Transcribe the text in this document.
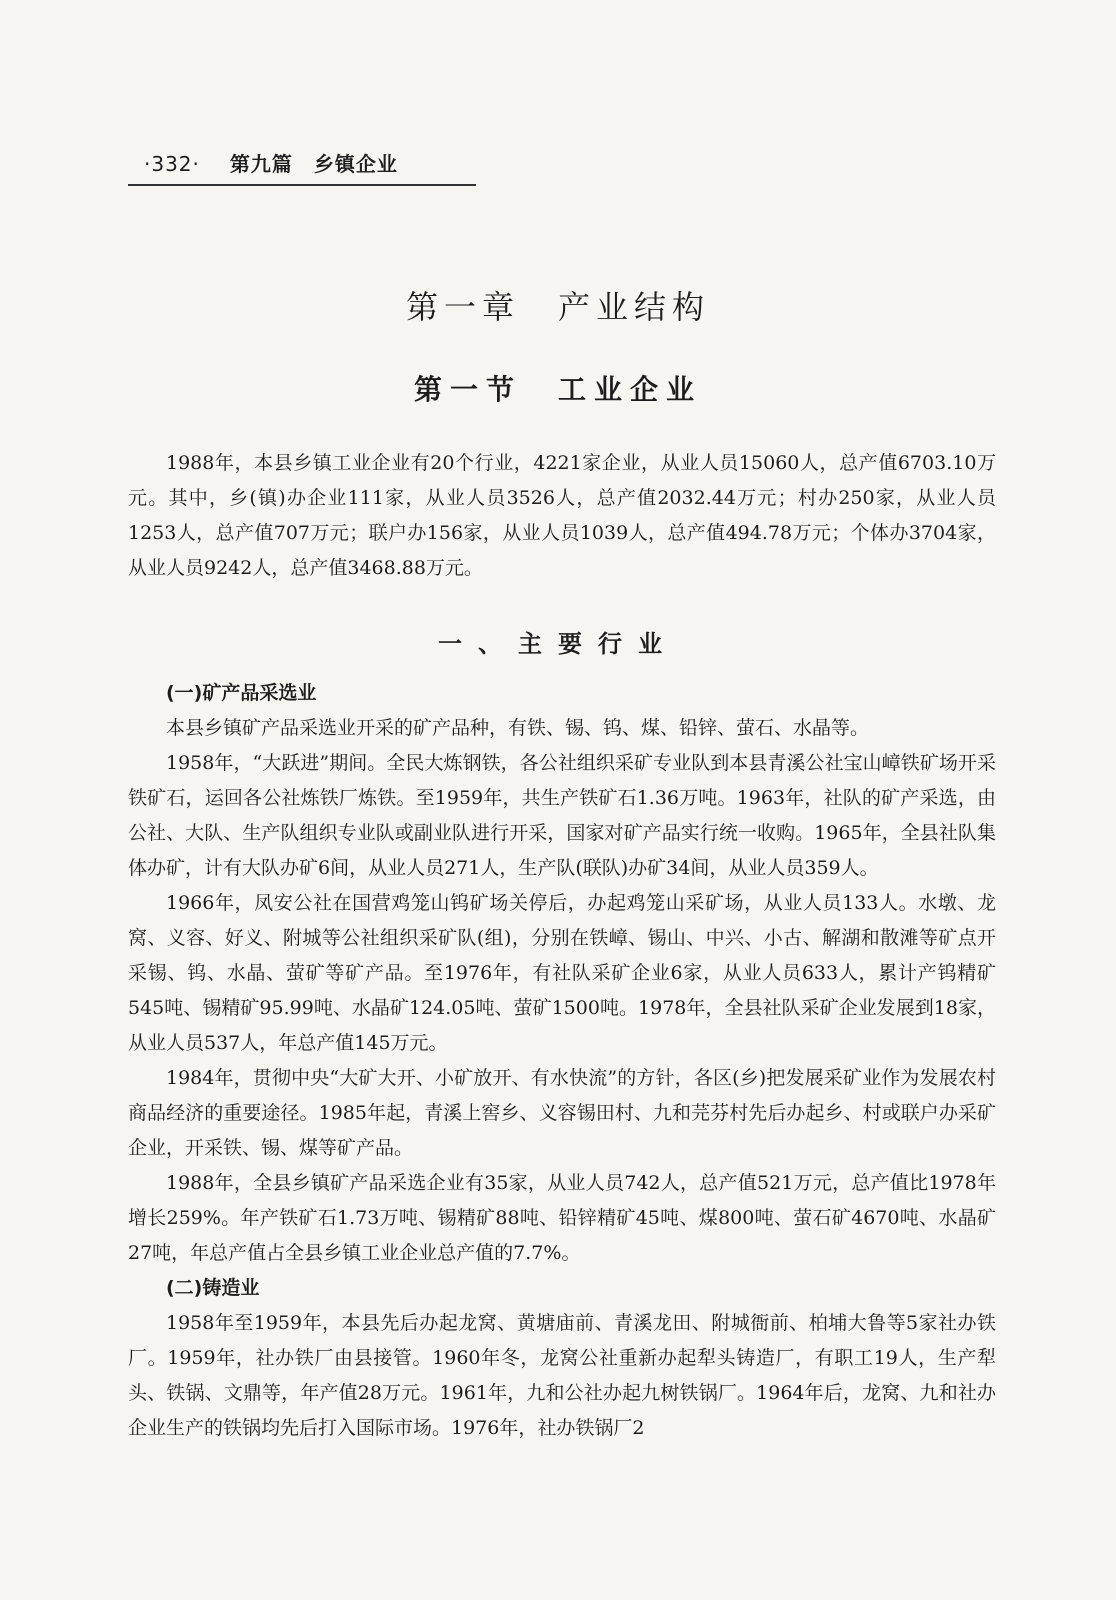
·332· 第九篇　乡镇企业
第一章　产业结构
第一节　工业企业

1988年，本县乡镇工业企业有20个行业，4221家企业，从业人员15060人，总产值6703.10万元。其中，乡(镇)办企业111家，从业人员3526人，总产值2032.44万元；村办250家，从业人员1253人，总产值707万元；联户办156家，从业人员1039人，总产值494.78万元；个体办3704家，从业人员9242人，总产值3468.88万元。

一、主要行业
(一)矿产品采选业

本县乡镇矿产品采选业开采的矿产品种，有铁、锡、钨、煤、铅锌、萤石、水晶等。

1958年，“大跃进”期间。全民大炼钢铁，各公社组织采矿专业队到本县青溪公社宝山嶂铁矿场开采铁矿石，运回各公社炼铁厂炼铁。至1959年，共生产铁矿石1.36万吨。1963年，社队的矿产采选，由公社、大队、生产队组织专业队或副业队进行开采，国家对矿产品实行统一收购。1965年，全县社队集体办矿，计有大队办矿6间，从业人员271人，生产队(联队)办矿34间，从业人员359人。

1966年，凤安公社在国营鸡笼山钨矿场关停后，办起鸡笼山采矿场，从业人员133人。水墩、龙窝、义容、好义、附城等公社组织采矿队(组)，分别在铁嶂、锡山、中兴、小古、解湖和散滩等矿点开采锡、钨、水晶、萤矿等矿产品。至1976年，有社队采矿企业6家，从业人员633人，累计产钨精矿545吨、锡精矿95.99吨、水晶矿124.05吨、萤矿1500吨。1978年，全县社队采矿企业发展到18家，从业人员537人，年总产值145万元。

1984年，贯彻中央“大矿大开、小矿放开、有水快流”的方针，各区(乡)把发展采矿业作为发展农村商品经济的重要途径。1985年起，青溪上窖乡、义容锡田村、九和芫芬村先后办起乡、村或联户办采矿企业，开采铁、锡、煤等矿产品。

1988年，全县乡镇矿产品采选企业有35家，从业人员742人，总产值521万元，总产值比1978年增长259%。年产铁矿石1.73万吨、锡精矿88吨、铅锌精矿45吨、煤800吨、萤石矿4670吨、水晶矿27吨，年总产值占全县乡镇工业企业总产值的7.7%。

(二)铸造业

1958年至1959年，本县先后办起龙窝、黄塘庙前、青溪龙田、附城衙前、柏埔大鲁等5家社办铁厂。1959年，社办铁厂由县接管。1960年冬，龙窝公社重新办起犁头铸造厂，有职工19人，生产犁头、铁锅、文鼎等，年产值28万元。1961年，九和公社办起九树铁锅厂。1964年后，龙窝、九和社办企业生产的铁锅均先后打入国际市场。1976年，社办铁锅厂2
